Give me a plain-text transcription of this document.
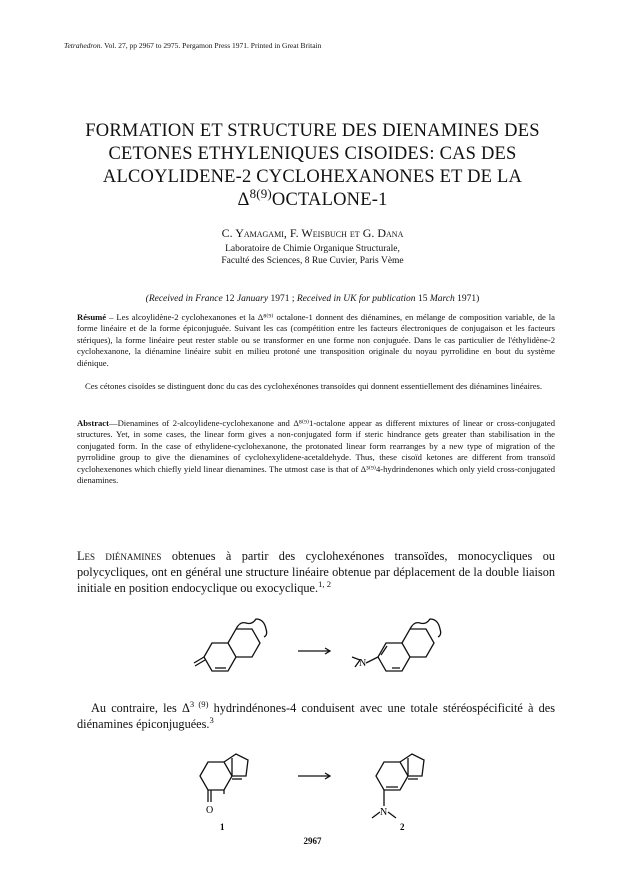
Tetrahedron. Vol. 27, pp 2967 to 2975. Pergamon Press 1971. Printed in Great Britain
FORMATION ET STRUCTURE DES DIENAMINES DES
CETONES ETHYLENIQUES CISOIDES: CAS DES
ALCOYLIDENE-2 CYCLOHEXANONES ET DE LA
$\Delta^{8(9)}OCTALONE-1$
C. Yamagami, F. Weisbuch et G. Dana
Laboratoire de Chimie Organique Structurale,
Faculté des Sciences, 8 Rue Cuvier, Paris Vème
(Received in France 12 January 1971 ; Received in UK for publication 15 March 1971)
Résumé – Les alcoylidène-2 cyclohexanones et la Δ⁸⁽⁹⁾ octalone-1 donnent des diénamines, en mélange de composition variable, de la forme linéaire et de la forme épiconjuguée. Suivant les cas (compétition entre les facteurs électroniques de conjugaison et les facteurs stériques), la forme linéaire peut rester stable ou se transformer en une forme non conjuguée. Dans le cas particulier de l'éthylidène-2 cyclohexanone, la diénamine linéaire subit en milieu protoné une transposition originale du noyau pyrrolidine en bout du système diénique.
Ces cétones cisoïdes se distinguent donc du cas des cyclohexénones transoïdes qui donnent essentiellement des diénamines linéaires.
Abstract—Dienamines of 2-alcoylidene-cyclohexanone and Δ⁸⁽⁹⁾1-octalone appear as different mixtures of linear or cross-conjugated structures. Yet, in some cases, the linear form gives a non-conjugated form if steric hindrance gets greater than stabilisation in the conjugated form. In the case of ethylidene-cyclohexanone, the protonated linear form rearranges by a new type of migration of the pyrrolidine group to give the dienamines of cyclohexylidene-acetaldehyde. Thus, these cisoïd ketones are different from transoïd cyclohexenones which chiefly yield linear dienamines. The utmost case is that of Δ³⁽⁹⁾4-hydrindenones which only yield cross-conjugated dienamines.
Les diénamines obtenues à partir des cyclohexénones transoïdes, monocycliques ou polycycliques, ont en général une structure linéaire obtenue par déplacement de la double liaison initiale en position endocyclique ou exocyclique.$^{1, 2}$
N
Au contraire, les $\Delta^{3 (9)}$ hydrindénones-4 conduisent avec une totale stéréospécificité à des diénamines épiconjuguées.$^3$
O	N
1	2
2967
